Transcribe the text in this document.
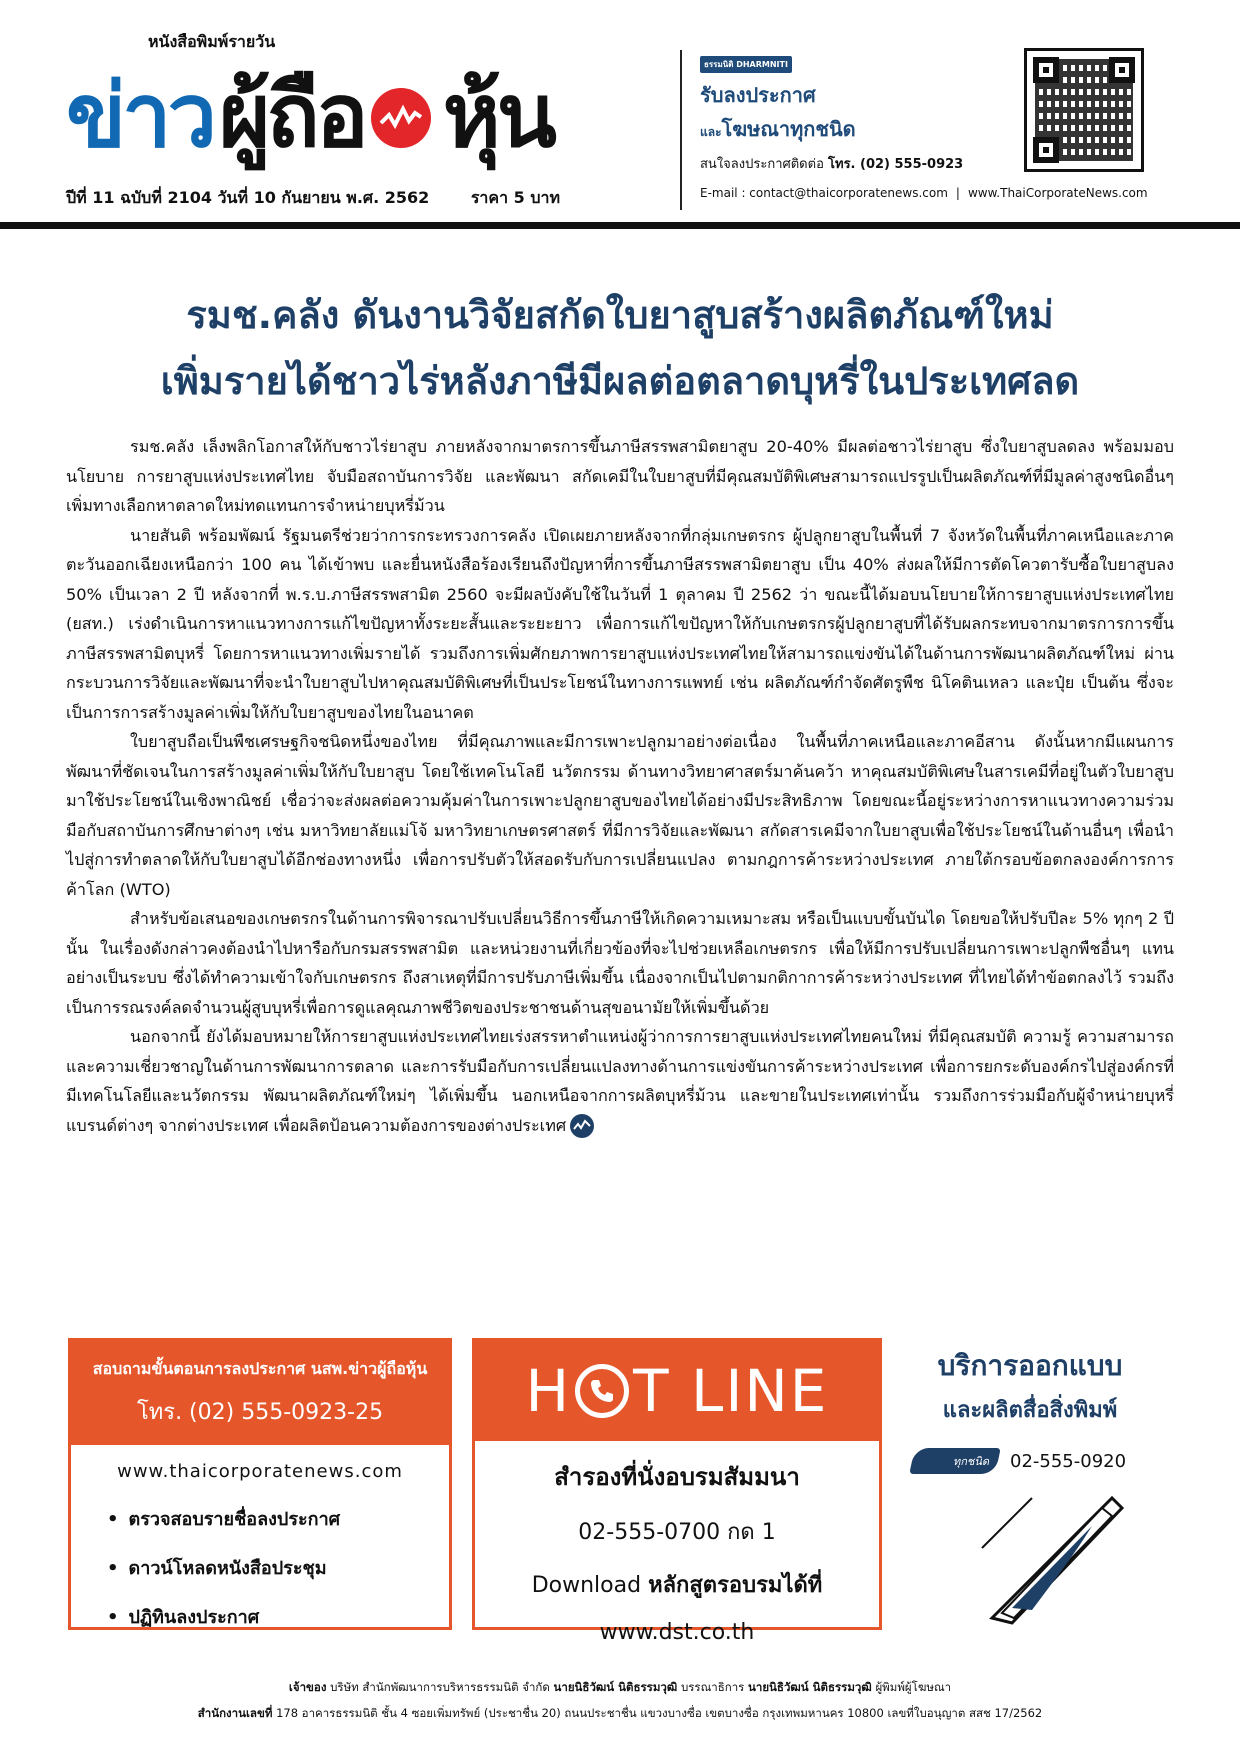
หนังสือพิมพ์รายวัน
ข่าว ผู้ถือ หุ้น
ปีที่ 11 ฉบับที่ 2104 วันที่ 10 กันยายน พ.ศ. 2562	ราคา 5 บาท
ธรรมนิติ DHARMNITI
รับลงประกาศ
และโฆษณาทุกชนิด
สนใจลงประกาศติดต่อ โทร. (02) 555-0923
E-mail : contact@thaicorporatenews.com | www.ThaiCorporateNews.com
รมช.คลัง ดันงานวิจัยสกัดใบยาสูบสร้างผลิตภัณฑ์ใหม่
เพิ่มรายได้ชาวไร่หลังภาษีมีผลต่อตลาดบุหรี่ในประเทศลด

รมช.คลัง เล็งพลิกโอกาสให้กับชาวไร่ยาสูบ ภายหลังจากมาตรการขึ้นภาษีสรรพสามิตยาสูบ 20-40% มีผลต่อชาวไร่ยาสูบ ซึ่งใบยาสูบลดลง พร้อมมอบนโยบาย การยาสูบแห่งประเทศไทย จับมือสถาบันการวิจัย และพัฒนา สกัดเคมีในใบยาสูบที่มีคุณสมบัติพิเศษสามารถแปรรูปเป็นผลิตภัณฑ์ที่มีมูลค่าสูงชนิดอื่นๆ เพิ่มทางเลือกหาตลาดใหม่ทดแทนการจำหน่ายบุหรี่ม้วน

นายสันติ พร้อมพัฒน์ รัฐมนตรีช่วยว่าการกระทรวงการคลัง เปิดเผยภายหลังจากที่กลุ่มเกษตรกร ผู้ปลูกยาสูบในพื้นที่ 7 จังหวัดในพื้นที่ภาคเหนือและภาคตะวันออกเฉียงเหนือกว่า 100 คน ได้เข้าพบ และยื่นหนังสือร้องเรียนถึงปัญหาที่การขึ้นภาษีสรรพสามิตยาสูบ เป็น 40% ส่งผลให้มีการตัดโควตารับซื้อใบยาสูบลง 50% เป็นเวลา 2 ปี หลังจากที่ พ.ร.บ.ภาษีสรรพสามิต 2560 จะมีผลบังคับใช้ในวันที่ 1 ตุลาคม ปี 2562 ว่า ขณะนี้ได้มอบนโยบายให้การยาสูบแห่งประเทศไทย (ยสท.) เร่งดำเนินการหาแนวทางการแก้ไขปัญหาทั้งระยะสั้นและระยะยาว เพื่อการแก้ไขปัญหาให้กับเกษตรกรผู้ปลูกยาสูบที่ได้รับผลกระทบจากมาตรการการขึ้นภาษีสรรพสามิตบุหรี่ โดยการหาแนวทางเพิ่มรายได้ รวมถึงการเพิ่มศักยภาพการยาสูบแห่งประเทศไทยให้สามารถแข่งขันได้ในด้านการพัฒนาผลิตภัณฑ์ใหม่ ผ่านกระบวนการวิจัยและพัฒนาที่จะนำใบยาสูบไปหาคุณสมบัติพิเศษที่เป็นประโยชน์ในทางการแพทย์ เช่น ผลิตภัณฑ์กำจัดศัตรูพืช นิโคตินเหลว และปุ๋ย เป็นต้น ซึ่งจะเป็นการการสร้างมูลค่าเพิ่มให้กับใบยาสูบของไทยในอนาคต

ใบยาสูบถือเป็นพืชเศรษฐกิจชนิดหนึ่งของไทย ที่มีคุณภาพและมีการเพาะปลูกมาอย่างต่อเนื่อง ในพื้นที่ภาคเหนือและภาคอีสาน ดังนั้นหากมีแผนการพัฒนาที่ชัดเจนในการสร้างมูลค่าเพิ่มให้กับใบยาสูบ โดยใช้เทคโนโลยี นวัตกรรม ด้านทางวิทยาศาสตร์มาค้นคว้า หาคุณสมบัติพิเศษในสารเคมีที่อยู่ในตัวใบยาสูบมาใช้ประโยชน์ในเชิงพาณิชย์ เชื่อว่าจะส่งผลต่อความคุ้มค่าในการเพาะปลูกยาสูบของไทยได้อย่างมีประสิทธิภาพ โดยขณะนี้อยู่ระหว่างการหาแนวทางความร่วมมือกับสถาบันการศึกษาต่างๆ เช่น มหาวิทยาลัยแม่โจ้ มหาวิทยาเกษตรศาสตร์ ที่มีการวิจัยและพัฒนา สกัดสารเคมีจากใบยาสูบเพื่อใช้ประโยชน์ในด้านอื่นๆ เพื่อนำไปสู่การทำตลาดให้กับใบยาสูบได้อีกช่องทางหนึ่ง เพื่อการปรับตัวให้สอดรับกับการเปลี่ยนแปลง ตามกฎการค้าระหว่างประเทศ ภายใต้กรอบข้อตกลงองค์การการค้าโลก (WTO)

สำหรับข้อเสนอของเกษตรกรในด้านการพิจารณาปรับเปลี่ยนวิธีการขึ้นภาษีให้เกิดความเหมาะสม หรือเป็นแบบขั้นบันได โดยขอให้ปรับปีละ 5% ทุกๆ 2 ปี นั้น ในเรื่องดังกล่าวคงต้องนำไปหารือกับกรมสรรพสามิต และหน่วยงานที่เกี่ยวข้องที่จะไปช่วยเหลือเกษตรกร เพื่อให้มีการปรับเปลี่ยนการเพาะปลูกพืชอื่นๆ แทนอย่างเป็นระบบ ซึ่งได้ทำความเข้าใจกับเกษตรกร ถึงสาเหตุที่มีการปรับภาษีเพิ่มขึ้น เนื่องจากเป็นไปตามกติกาการค้าระหว่างประเทศ ที่ไทยได้ทำข้อตกลงไว้ รวมถึงเป็นการรณรงค์ลดจำนวนผู้สูบบุหรี่เพื่อการดูแลคุณภาพชีวิตของประชาชนด้านสุขอนามัยให้เพิ่มขึ้นด้วย

นอกจากนี้ ยังได้มอบหมายให้การยาสูบแห่งประเทศไทยเร่งสรรหาตำแหน่งผู้ว่าการการยาสูบแห่งประเทศไทยคนใหม่ ที่มีคุณสมบัติ ความรู้ ความสามารถ และความเชี่ยวชาญในด้านการพัฒนาการตลาด และการรับมือกับการเปลี่ยนแปลงทางด้านการแข่งขันการค้าระหว่างประเทศ เพื่อการยกระดับองค์กรไปสู่องค์กรที่มีเทคโนโลยีและนวัตกรรม พัฒนาผลิตภัณฑ์ใหม่ๆ ได้เพิ่มขึ้น นอกเหนือจากการผลิตบุหรี่ม้วน และขายในประเทศเท่านั้น รวมถึงการร่วมมือกับผู้จำหน่ายบุหรี่แบรนด์ต่างๆ จากต่างประเทศ เพื่อผลิตป้อนความต้องการของต่างประเทศ

สอบถามขั้นตอนการลงประกาศ นสพ.ข่าวผู้ถือหุ้น
โทร. (02) 555-0923-25
www.thaicorporatenews.com
• ตรวจสอบรายชื่อลงประกาศ
• ดาวน์โหลดหนังสือประชุม
• ปฏิทินลงประกาศ
H T LINE
สำรองที่นั่งอบรมสัมมนา
02-555-0700 กด 1
Download หลักสูตรอบรมได้ที่
www.dst.co.th
บริการออกแบบ
และผลิตสื่อสิ่งพิมพ์
ทุกชนิด	02-555-0920
เจ้าของ บริษัท สำนักพัฒนาการบริหารธรรมนิติ จำกัด นายนิธิวัฒน์ นิติธรรมวุฒิ บรรณาธิการ นายนิธิวัฒน์ นิติธรรมวุฒิ ผู้พิมพ์ผู้โฆษณา
สำนักงานเลขที่ 178 อาคารธรรมนิติ ชั้น 4 ซอยเพิ่มทรัพย์ (ประชาชื่น 20) ถนนประชาชื่น แขวงบางซื่อ เขตบางซื่อ กรุงเทพมหานคร 10800 เลขที่ใบอนุญาต สสช 17/2562
